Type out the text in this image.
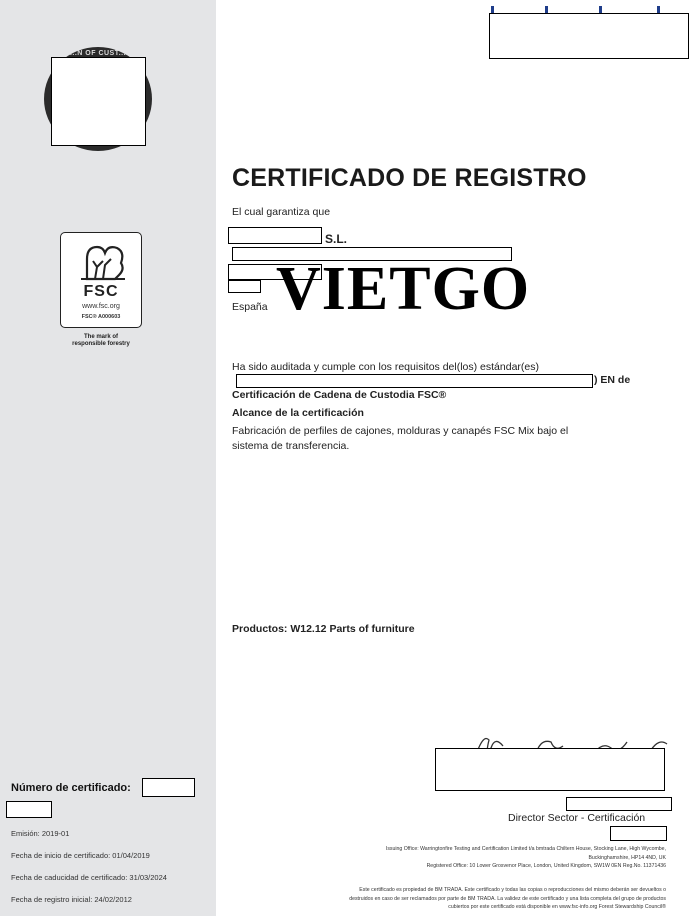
...N OF CUST...
FSC
www.fsc.org
FSC® A000603
The mark of
responsible forestry
Número de certificado:
Emisión: 2019-01
Fecha de inicio de certificado: 01/04/2019
Fecha de caducidad de certificado: 31/03/2024
Fecha de registro inicial: 24/02/2012
CERTIFICADO DE REGISTRO
El cual garantiza que
S.L.
España VIETGO
Ha sido auditada y cumple con los requisitos del(los) estándar(es)
) EN de
Certificación de Cadena de Custodia FSC®
Alcance de la certificación
Fabricación de perfiles de cajones, molduras y canapés FSC Mix bajo el
sistema de transferencia.
Productos: W12.12 Parts of furniture
Director Sector - Certificación
Issuing Office: Warringtonfire Testing and Certification Limited t/a bmtrada Chiltern House, Stocking Lane, High Wycombe,
Buckinghamshire, HP14 4ND, UK
Registered Office: 10 Lower Grosvenor Place, London, United Kingdom, SW1W 0EN Reg.No. 11371436
Este certificado es propiedad de BM TRADA. Este certificado y todas las copias o reproducciones del mismo deberán ser devueltos o
destruidos en caso de ser reclamados por parte de BM TRADA. La validez de este certificado y una lista completa del grupo de productos
cubiertos por este certificado está disponible en www.fsc-info.org Forest Stewardship Council®
